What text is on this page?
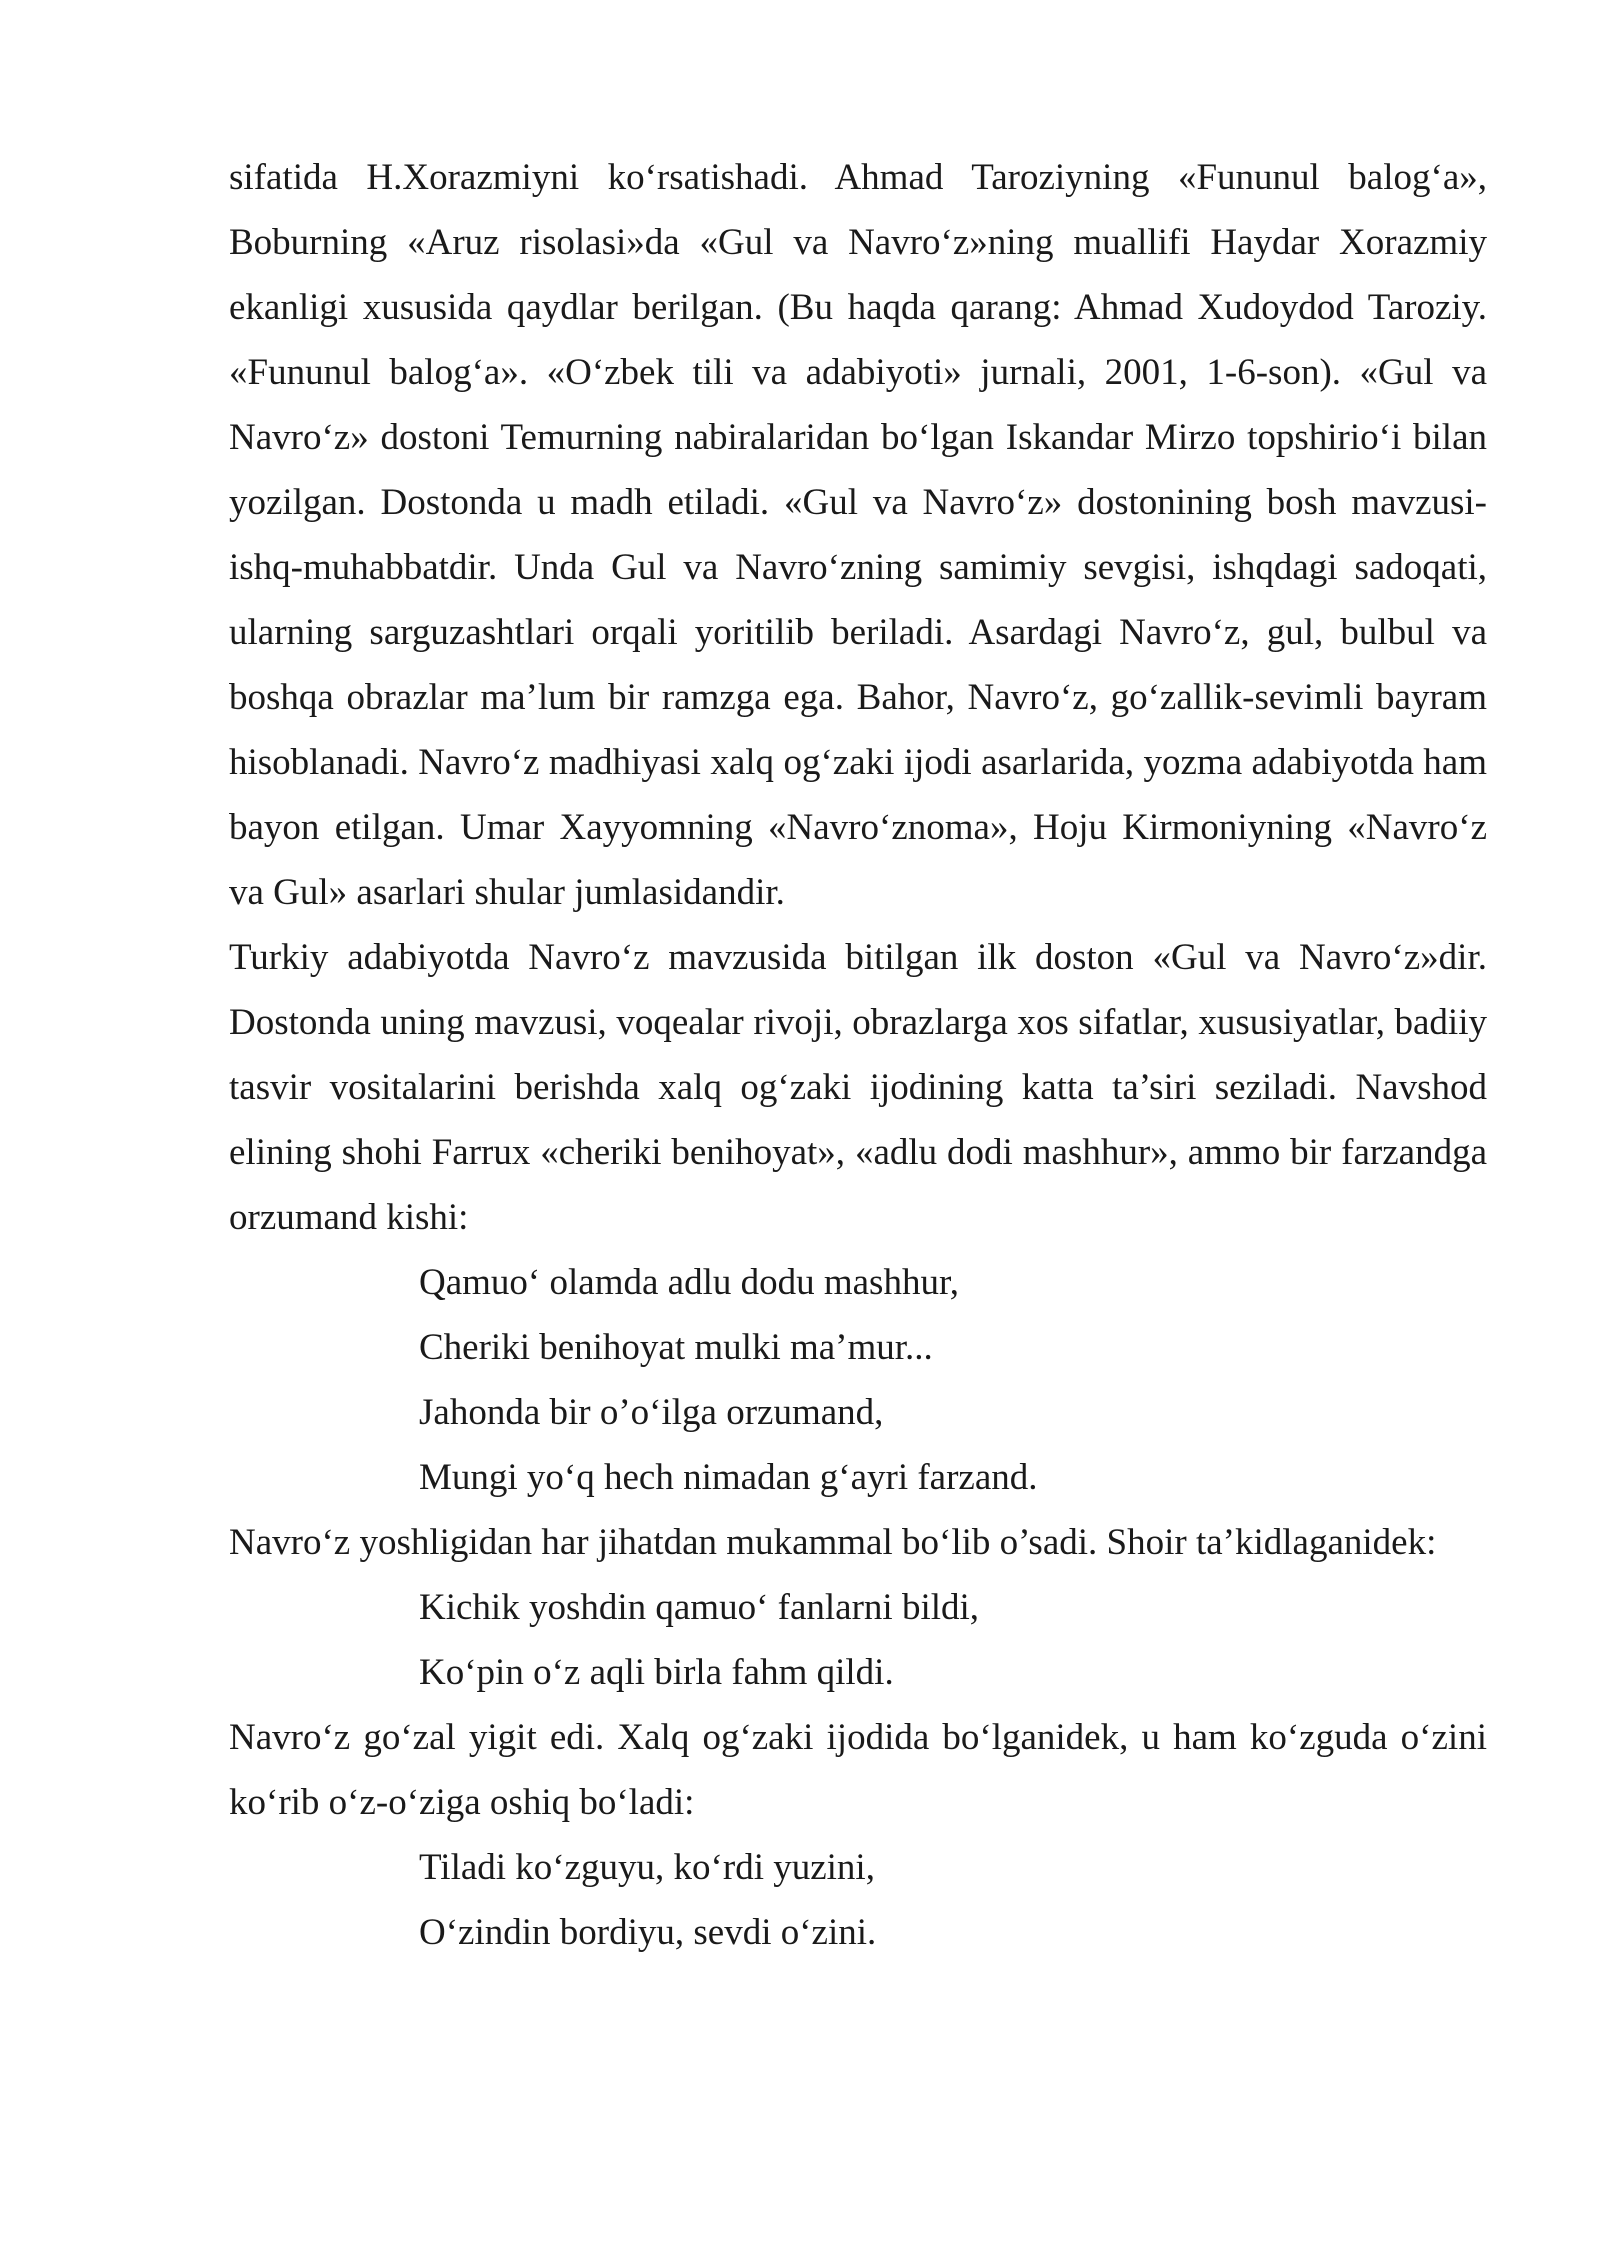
sifatida H.Xorazmiyni ko‘rsatishadi. Ahmad Taroziyning «Fununul balog‘a», Boburning «Aruz risolasi»da «Gul va Navro‘z»ning muallifi Haydar Xorazmiy ekanligi xususida qaydlar berilgan. (Bu haqda qarang: Ahmad Xudoydod Taroziy. «Fununul balog‘a». «O‘zbek tili va adabiyoti» jurnali, 2001, 1-6-son). «Gul va Navro‘z» dostoni Temurning nabiralaridan bo‘lgan Iskandar Mirzo topshirio‘i bilan yozilgan. Dostonda u madh etiladi. «Gul va Navro‘z» dostonining bosh mavzusi-ishq-muhabbatdir. Unda Gul va Navro‘zning samimiy sevgisi, ishqdagi sadoqati, ularning sarguzashtlari orqali yoritilib beriladi. Asardagi Navro‘z, gul, bulbul va boshqa obrazlar ma’lum bir ramzga ega. Bahor, Navro‘z, go‘zallik-sevimli bayram hisoblanadi. Navro‘z madhiyasi xalq og‘zaki ijodi asarlarida, yozma adabiyotda ham bayon etilgan. Umar Xayyomning «Navro‘znoma», Hoju Kirmoniyning «Navro‘z va Gul» asarlari shular jumlasidandir.

Turkiy adabiyotda Navro‘z mavzusida bitilgan ilk doston «Gul va Navro‘z»dir. Dostonda uning mavzusi, voqealar rivoji, obrazlarga xos sifatlar, xususiyatlar, badiiy tasvir vositalarini berishda xalq og‘zaki ijodining katta ta’siri seziladi. Navshod elining shohi Farrux «cheriki benihoyat», «adlu dodi mashhur», ammo bir farzandga orzumand kishi:

Qamuo‘ olamda adlu dodu mashhur,
Cheriki benihoyat mulki ma’mur...
Jahonda bir o’o‘ilga orzumand,
Mungi yo‘q hech nimadan g‘ayri farzand.

Navro‘z yoshligidan har jihatdan mukammal bo‘lib o’sadi. Shoir ta’kidlaganidek:

Kichik yoshdin qamuo‘ fanlarni bildi,
Ko‘pin o‘z aqli birla fahm qildi.

Navro‘z go‘zal yigit edi. Xalq og‘zaki ijodida bo‘lganidek, u ham ko‘zguda o‘zini ko‘rib o‘z-o‘ziga oshiq bo‘ladi:

Tiladi ko‘zguyu, ko‘rdi yuzini,
O‘zindin bordiyu, sevdi o‘zini.
